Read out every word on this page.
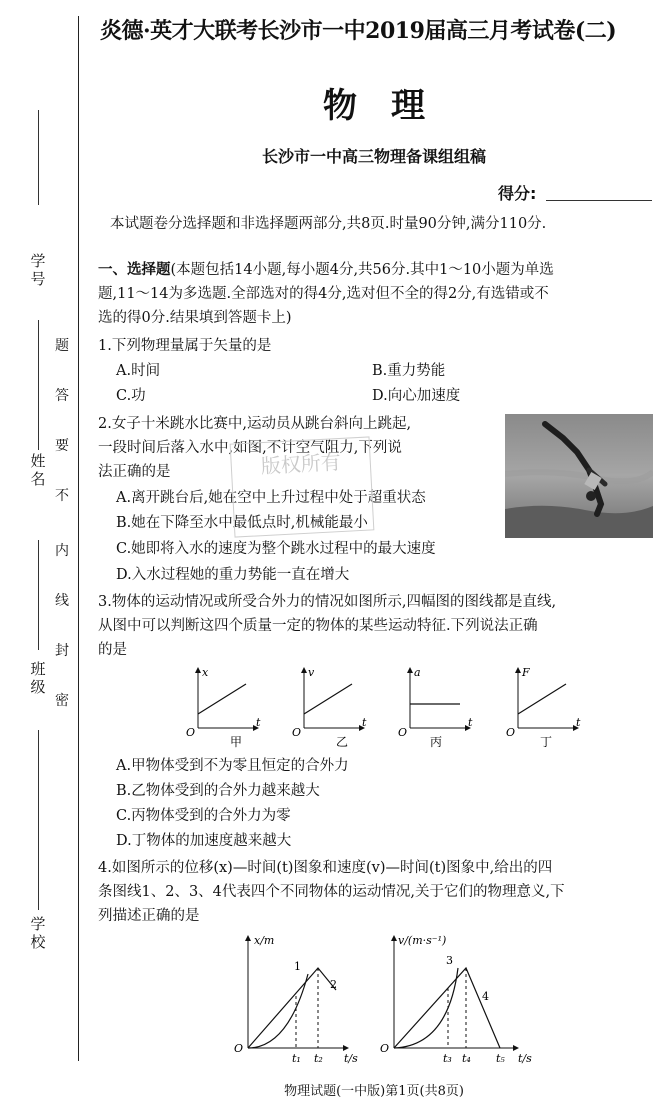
学 号
姓 名
班 级
学 校
题
答
要
不
内
线
封
密
炎德·英才大联考长沙市一中2019届高三月考试卷(二)
物　理
长沙市一中高三物理备课组组稿
得分:
本试题卷分选择题和非选择题两部分,共8页.时量90分钟,满分110分.
一、选择题(本题包括14小题,每小题4分,共56分.其中1～10小题为单选
题,11～14为多选题.全部选对的得4分,选对但不全的得2分,有选错或不
选的得0分.结果填到答题卡上)
1.下列物理量属于矢量的是
A.时间	B.重力势能
C.功	D.向心加速度
2.女子十米跳水比赛中,运动员从跳台斜向上跳起,
一段时间后落入水中,如图,不计空气阻力,下列说
法正确的是
A.离开跳台后,她在空中上升过程中处于超重状态
B.她在下降至水中最低点时,机械能最小
C.她即将入水的速度为整个跳水过程中的最大速度
D.入水过程她的重力势能一直在增大
版权所有
3.物体的运动情况或所受合外力的情况如图所示,四幅图的图线都是直线,
从图中可以判断这四个质量一定的物体的某些运动特征.下列说法正确
的是
x
t
O
甲
v
t
O
乙
a
t
O
丙
F
t
O
丁
A.甲物体受到不为零且恒定的合外力
B.乙物体受到的合外力越来越大
C.丙物体受到的合外力为零
D.丁物体的加速度越来越大
4.如图所示的位移(x)—时间(t)图象和速度(v)—时间(t)图象中,给出的四
条图线1、2、3、4代表四个不同物体的运动情况,关于它们的物理意义,下
列描述正确的是
x/m
t/s
O
t₁ t₂
1
2
v/(m·s⁻¹)
t/s
O
t₃ t₄ t₅
3
4
物理试题(一中版)第1页(共8页)
